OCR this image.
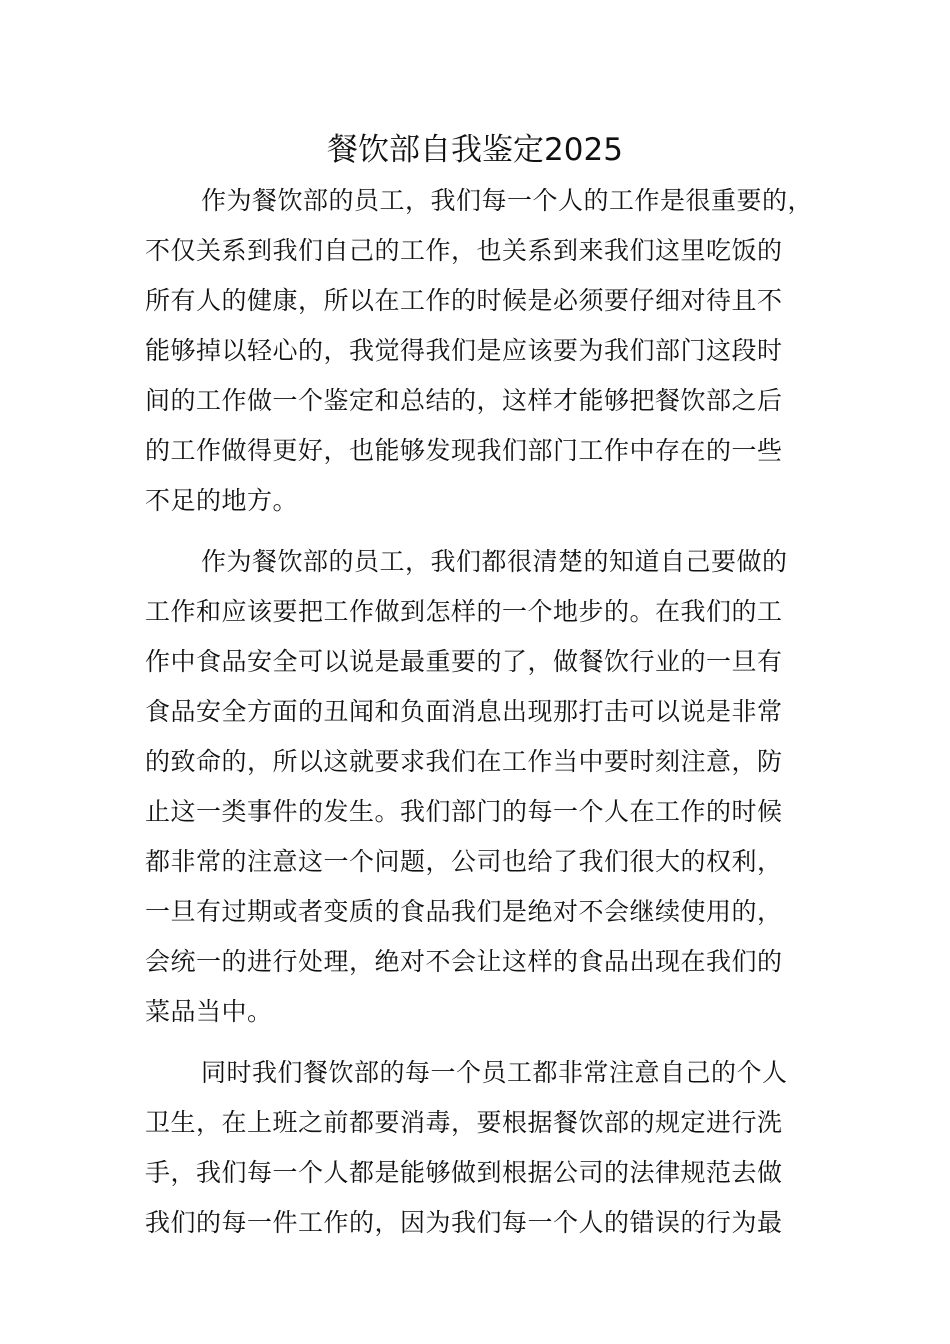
餐饮部自我鉴定2025
作为餐饮部的员工，我们每一个人的工作是很重要的，
不仅关系到我们自己的工作，也关系到来我们这里吃饭的
所有人的健康，所以在工作的时候是必须要仔细对待且不
能够掉以轻心的，我觉得我们是应该要为我们部门这段时
间的工作做一个鉴定和总结的，这样才能够把餐饮部之后
的工作做得更好，也能够发现我们部门工作中存在的一些
不足的地方。
作为餐饮部的员工，我们都很清楚的知道自己要做的
工作和应该要把工作做到怎样的一个地步的。在我们的工
作中食品安全可以说是最重要的了，做餐饮行业的一旦有
食品安全方面的丑闻和负面消息出现那打击可以说是非常
的致命的，所以这就要求我们在工作当中要时刻注意，防
止这一类事件的发生。我们部门的每一个人在工作的时候
都非常的注意这一个问题，公司也给了我们很大的权利，
一旦有过期或者变质的食品我们是绝对不会继续使用的，
会统一的进行处理，绝对不会让这样的食品出现在我们的
菜品当中。
同时我们餐饮部的每一个员工都非常注意自己的个人
卫生，在上班之前都要消毒，要根据餐饮部的规定进行洗
手，我们每一个人都是能够做到根据公司的法律规范去做
我们的每一件工作的，因为我们每一个人的错误的行为最
